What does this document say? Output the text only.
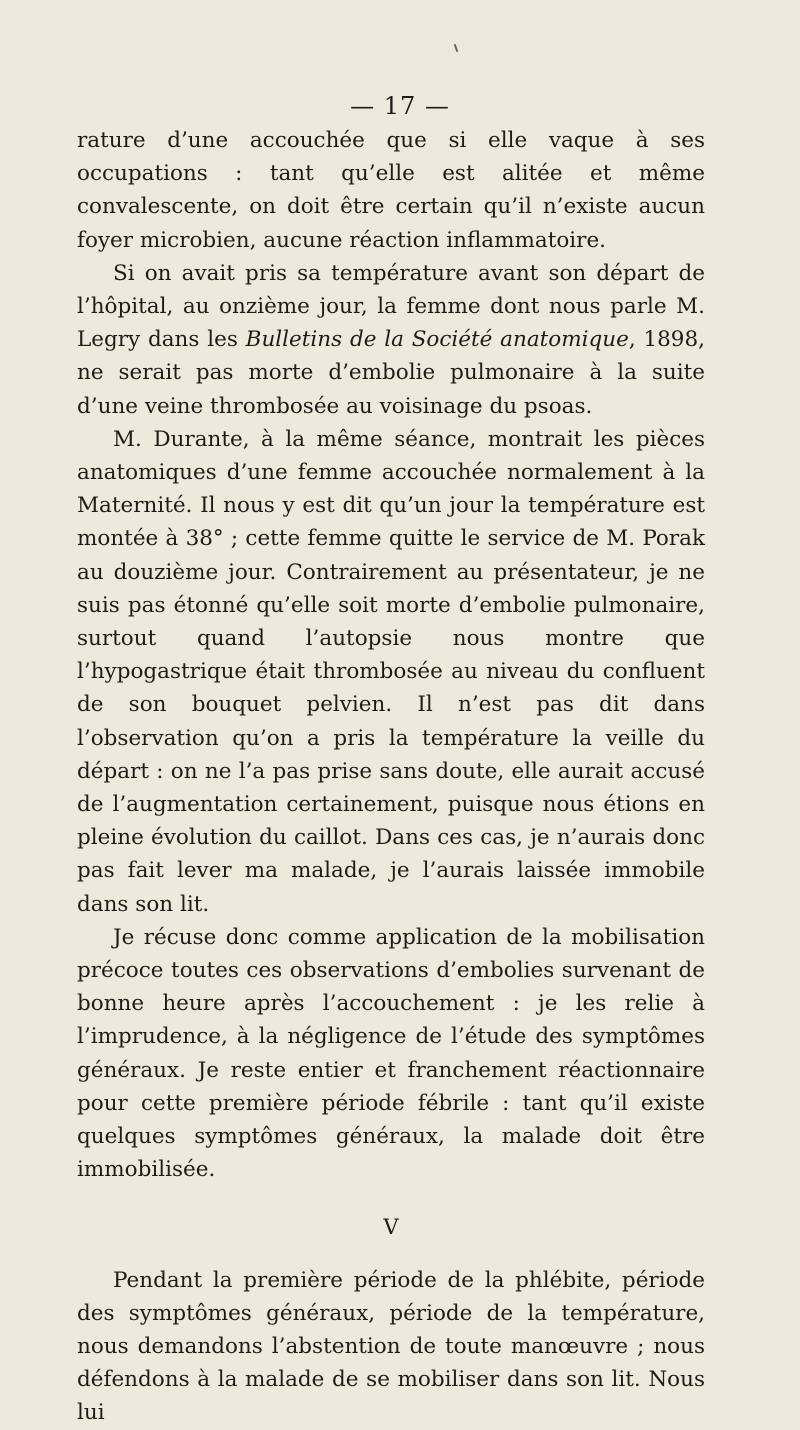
— 17 —

rature d’une accouchée que si elle vaque à ses occupations : tant qu’elle est alitée et même convalescente, on doit être certain qu’il n’existe aucun foyer microbien, aucune réaction inflammatoire.

Si on avait pris sa température avant son départ de l’hôpital, au onzième jour, la femme dont nous parle M. Legry dans les Bulletins de la Société anatomique, 1898, ne serait pas morte d’embolie pulmonaire à la suite d’une veine thrombosée au voisinage du psoas.

M. Durante, à la même séance, montrait les pièces anatomiques d’une femme accouchée normalement à la Maternité. Il nous y est dit qu’un jour la température est montée à 38° ; cette femme quitte le service de M. Porak au douzième jour. Contrairement au présentateur, je ne suis pas étonné qu’elle soit morte d’embolie pulmonaire, surtout quand l’autopsie nous montre que l’hypogastrique était thrombosée au niveau du confluent de son bouquet pelvien. Il n’est pas dit dans l’observation qu’on a pris la température la veille du départ : on ne l’a pas prise sans doute, elle aurait accusé de l’augmentation certainement, puisque nous étions en pleine évolution du caillot. Dans ces cas, je n’aurais donc pas fait lever ma malade, je l’aurais laissée immobile dans son lit.

Je récuse donc comme application de la mobilisation précoce toutes ces observations d’embolies survenant de bonne heure après l’accouchement : je les relie à l’imprudence, à la négligence de l’étude des symptômes généraux. Je reste entier et franchement réactionnaire pour cette première période fébrile : tant qu’il existe quelques symptômes généraux, la malade doit être immobilisée.

V

Pendant la première période de la phlébite, période des symptômes généraux, période de la température, nous demandons l’abstention de toute manœuvre ; nous défendons à la malade de se mobiliser dans son lit. Nous lui
